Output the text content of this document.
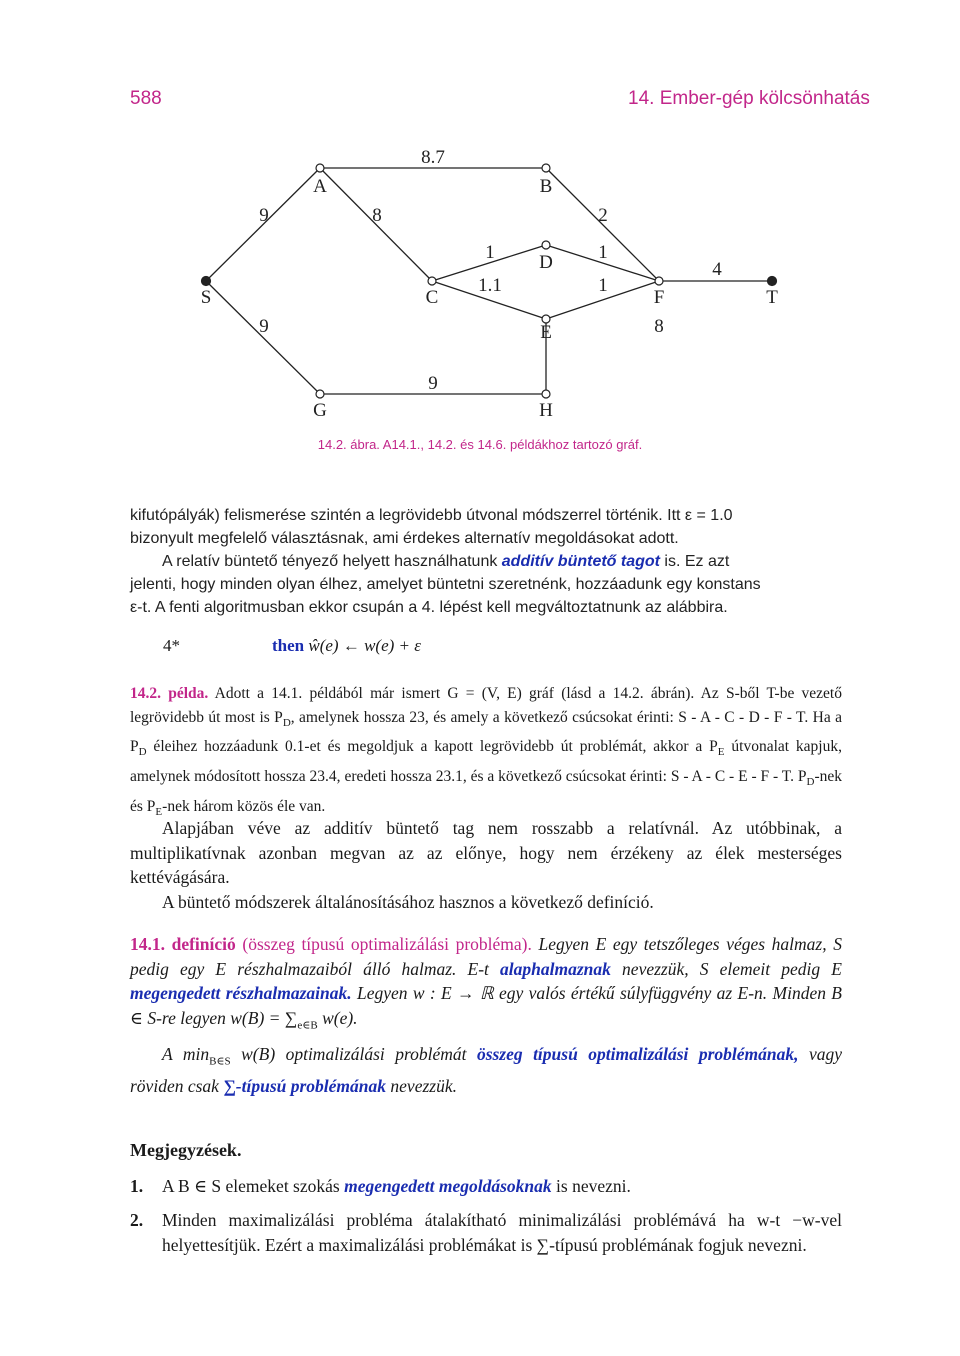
588	14. Ember-gép kölcsönhatás
A	B
C
D
E
F
G	H
S	T
9
8.7
8	2
1
1.1
1
1
8
4
9
9
14.2. ábra. A14.1., 14.2. és 14.6. példákhoz tartozó gráf.
kifutópályák) felismerése szintén a legrövidebb útvonal módszerrel történik. Itt ε = 1.0
bizonyult megfelelő választásnak, ami érdekes alternatív megoldásokat adott.
A relatív büntető tényező helyett használhatunk additív büntető tagot is. Ez azt
jelenti, hogy minden olyan élhez, amelyet büntetni szeretnénk, hozzáadunk egy konstans
ε-t. A fenti algoritmusban ekkor csupán a 4. lépést kell megváltoztatnunk az alábbira.
4*	then ŵ(e) ← w(e) + ε
14.2. példa. Adott a 14.1. példából már ismert G = (V, E) gráf (lásd a 14.2. ábrán). Az S-ből T-be vezető legrövidebb út most is $P_D$, amelynek hossza 23, és amely a következő csúcsokat érinti: S - A - C - D - F - T. Ha a $P_D$ éleihez hozzáadunk 0.1-et és megoldjuk a kapott legrövidebb út problémát, akkor a $P_E$ útvonalat kapjuk, amelynek módosított hossza 23.4, eredeti hossza 23.1, és a következő csúcsokat érinti: S - A - C - E - F - T. $P_D$-nek és $P_E$-nek három közös éle van.

Alapjában véve az additív büntető tag nem rosszabb a relatívnál. Az utóbbinak, a multiplikatívnak azonban megvan az az előnye, hogy nem érzékeny az élek mesterséges kettévágására.

A büntető módszerek általánosításához hasznos a következő definíció.

14.1. definíció (összeg típusú optimalizálási probléma). Legyen E egy tetszőleges véges halmaz, S pedig egy E részhalmazaiból álló halmaz. E-t alaphalmaznak nevezzük, S elemeit pedig E megengedett részhalmazainak. Legyen w : E → ℝ egy valós értékű súlyfüggvény az E-n. Minden B ∈ S-re legyen $w(B) = \sum_{e\in B}$ w(e).
A $\min_{B\in S} w(B)$ optimalizálási problémát összeg típusú optimalizálási problémának, vagy röviden csak ∑-típusú problémának nevezzük.
Megjegyzések.
1. A B ∈ S elemeket szokás megengedett megoldásoknak is nevezni.
2. Minden maximalizálási probléma átalakítható minimalizálási problémává ha w-t −w-vel helyettesítjük. Ezért a maximalizálási problémákat is ∑-típusú problémának fogjuk nevezni.
